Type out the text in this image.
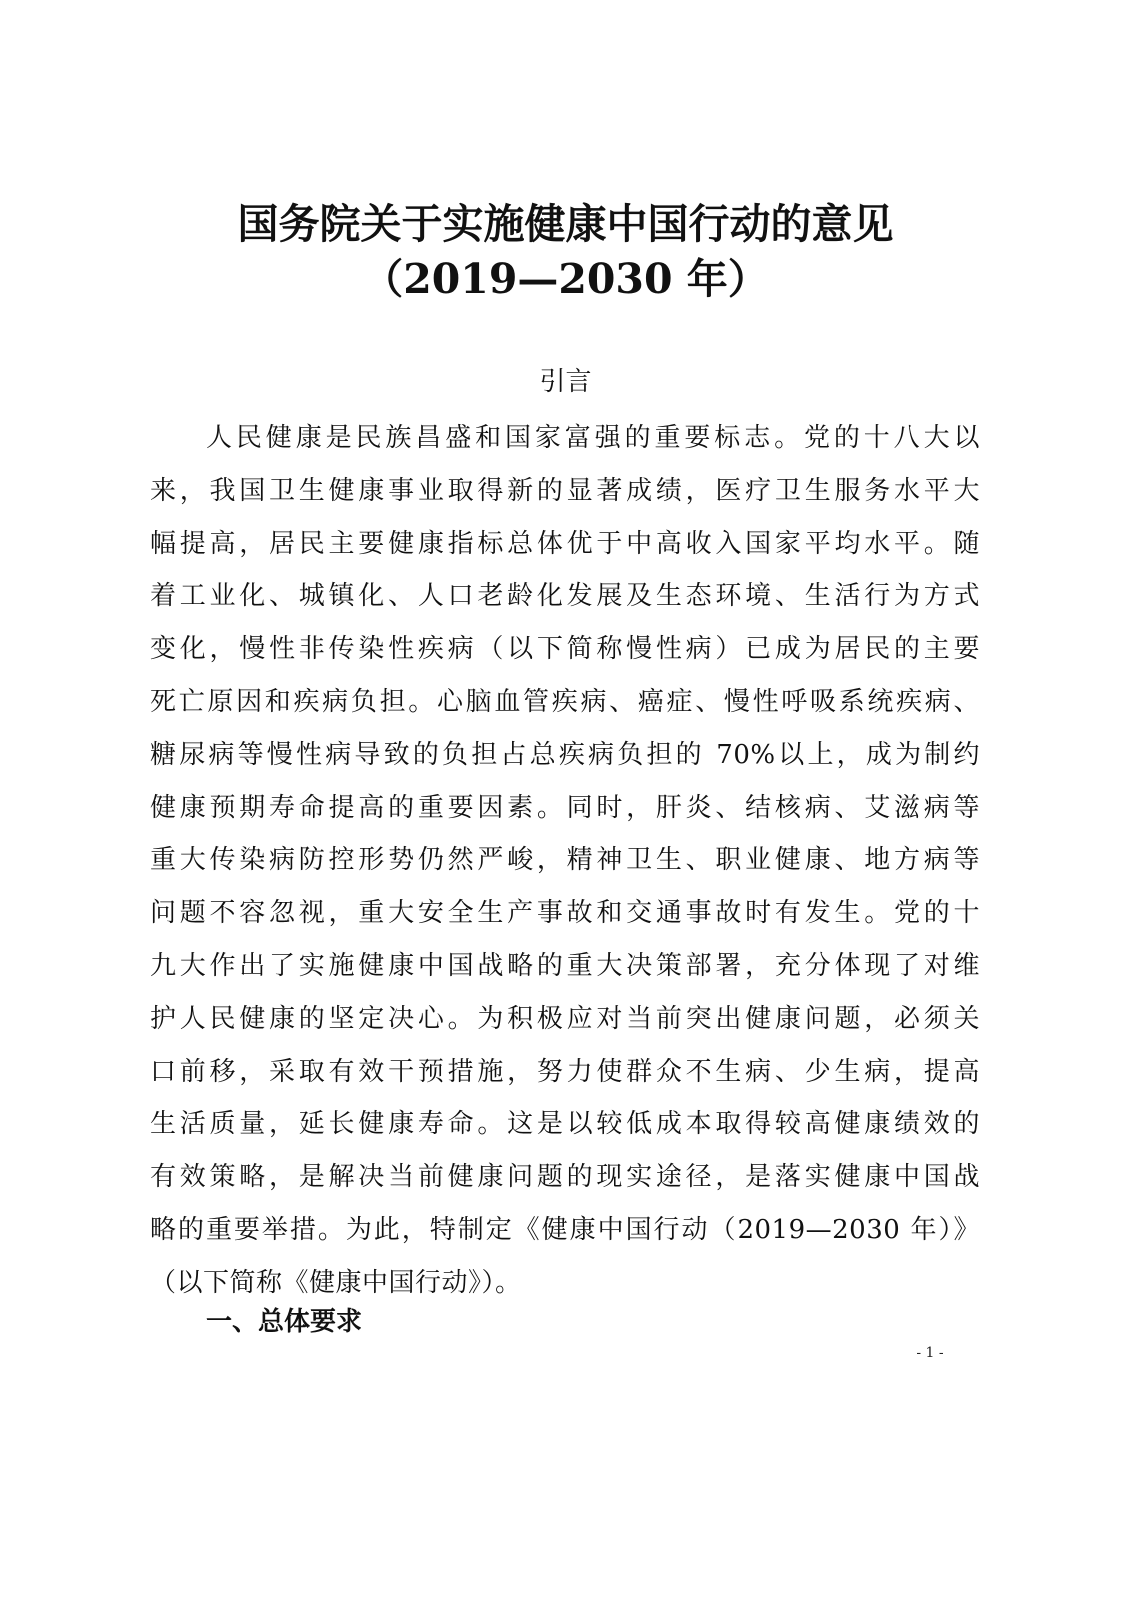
国务院关于实施健康中国行动的意见
（2019—2030 年）
引言
人民健康是民族昌盛和国家富强的重要标志。党的十八大以
来，我国卫生健康事业取得新的显著成绩，医疗卫生服务水平大
幅提高，居民主要健康指标总体优于中高收入国家平均水平。随
着工业化、城镇化、人口老龄化发展及生态环境、生活行为方式
变化，慢性非传染性疾病（以下简称慢性病）已成为居民的主要
死亡原因和疾病负担。心脑血管疾病、癌症、慢性呼吸系统疾病、
糖尿病等慢性病导致的负担占总疾病负担的 70%以上，成为制约
健康预期寿命提高的重要因素。同时，肝炎、结核病、艾滋病等
重大传染病防控形势仍然严峻，精神卫生、职业健康、地方病等
问题不容忽视，重大安全生产事故和交通事故时有发生。党的十
九大作出了实施健康中国战略的重大决策部署，充分体现了对维
护人民健康的坚定决心。为积极应对当前突出健康问题，必须关
口前移，采取有效干预措施，努力使群众不生病、少生病，提高
生活质量，延长健康寿命。这是以较低成本取得较高健康绩效的
有效策略，是解决当前健康问题的现实途径，是落实健康中国战
略的重要举措。为此，特制定《健康中国行动（2019—2030 年）》
（以下简称《健康中国行动》）。
一、总体要求
- 1 -
